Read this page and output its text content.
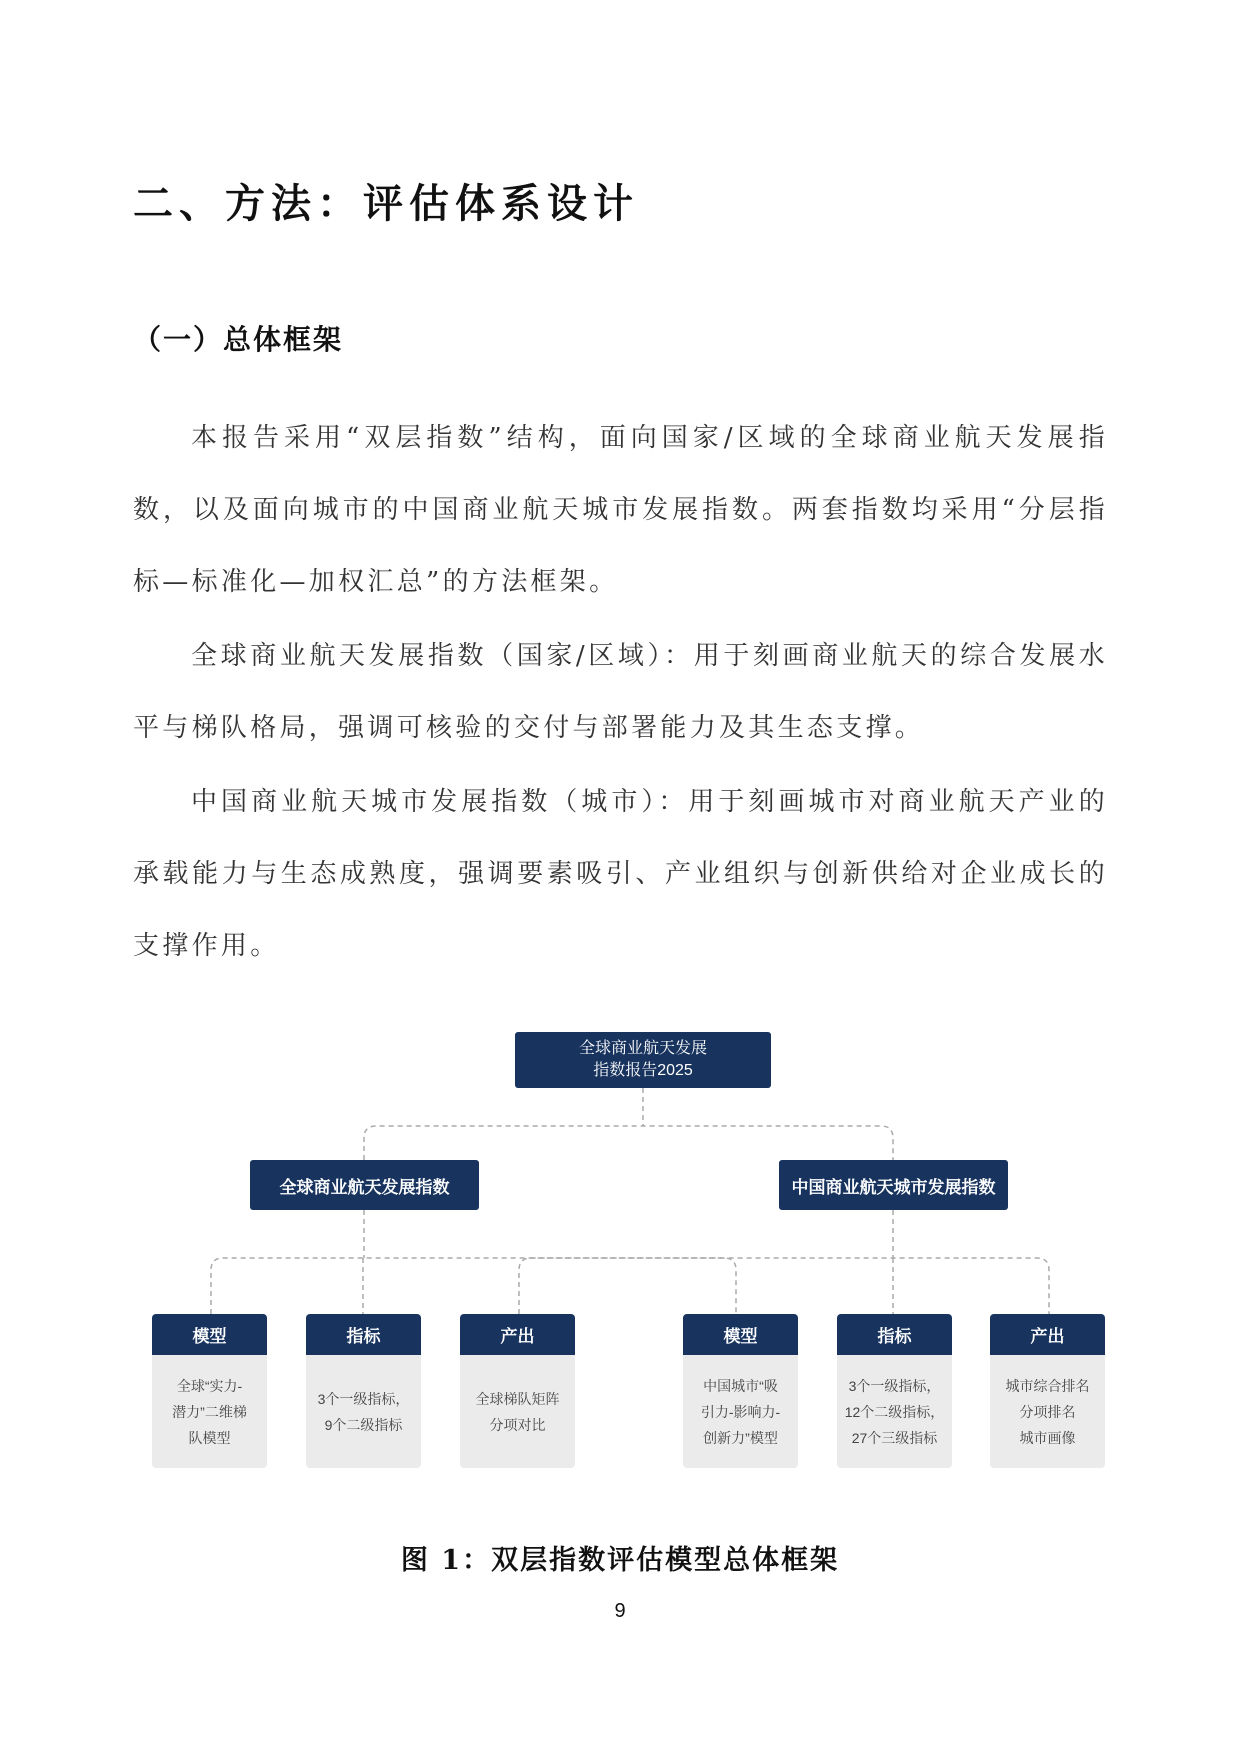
二、方法：评估体系设计
（一）总体框架

本报告采用“双层指数”结构，面向国家/区域的全球商业航天发展指数，以及面向城市的中国商业航天城市发展指数。两套指数均采用“分层指标—标准化—加权汇总”的方法框架。

全球商业航天发展指数（国家/区域）：用于刻画商业航天的综合发展水平与梯队格局，强调可核验的交付与部署能力及其生态支撑。

中国商业航天城市发展指数（城市）：用于刻画城市对商业航天产业的承载能力与生态成熟度，强调要素吸引、产业组织与创新供给对企业成长的支撑作用。

全球商业航天发展
指数报告2025
全球商业航天发展指数	中国商业航天城市发展指数
模型
全球“实力-
潜力”二维梯
队模型
指标
3个一级指标，
9个二级指标
产出
全球梯队矩阵
分项对比
模型
中国城市“吸
引力-影响力-
创新力”模型
指标
3个一级指标，
12个二级指标，
27个三级指标
产出
城市综合排名
分项排名
城市画像
图 1：双层指数评估模型总体框架
9
